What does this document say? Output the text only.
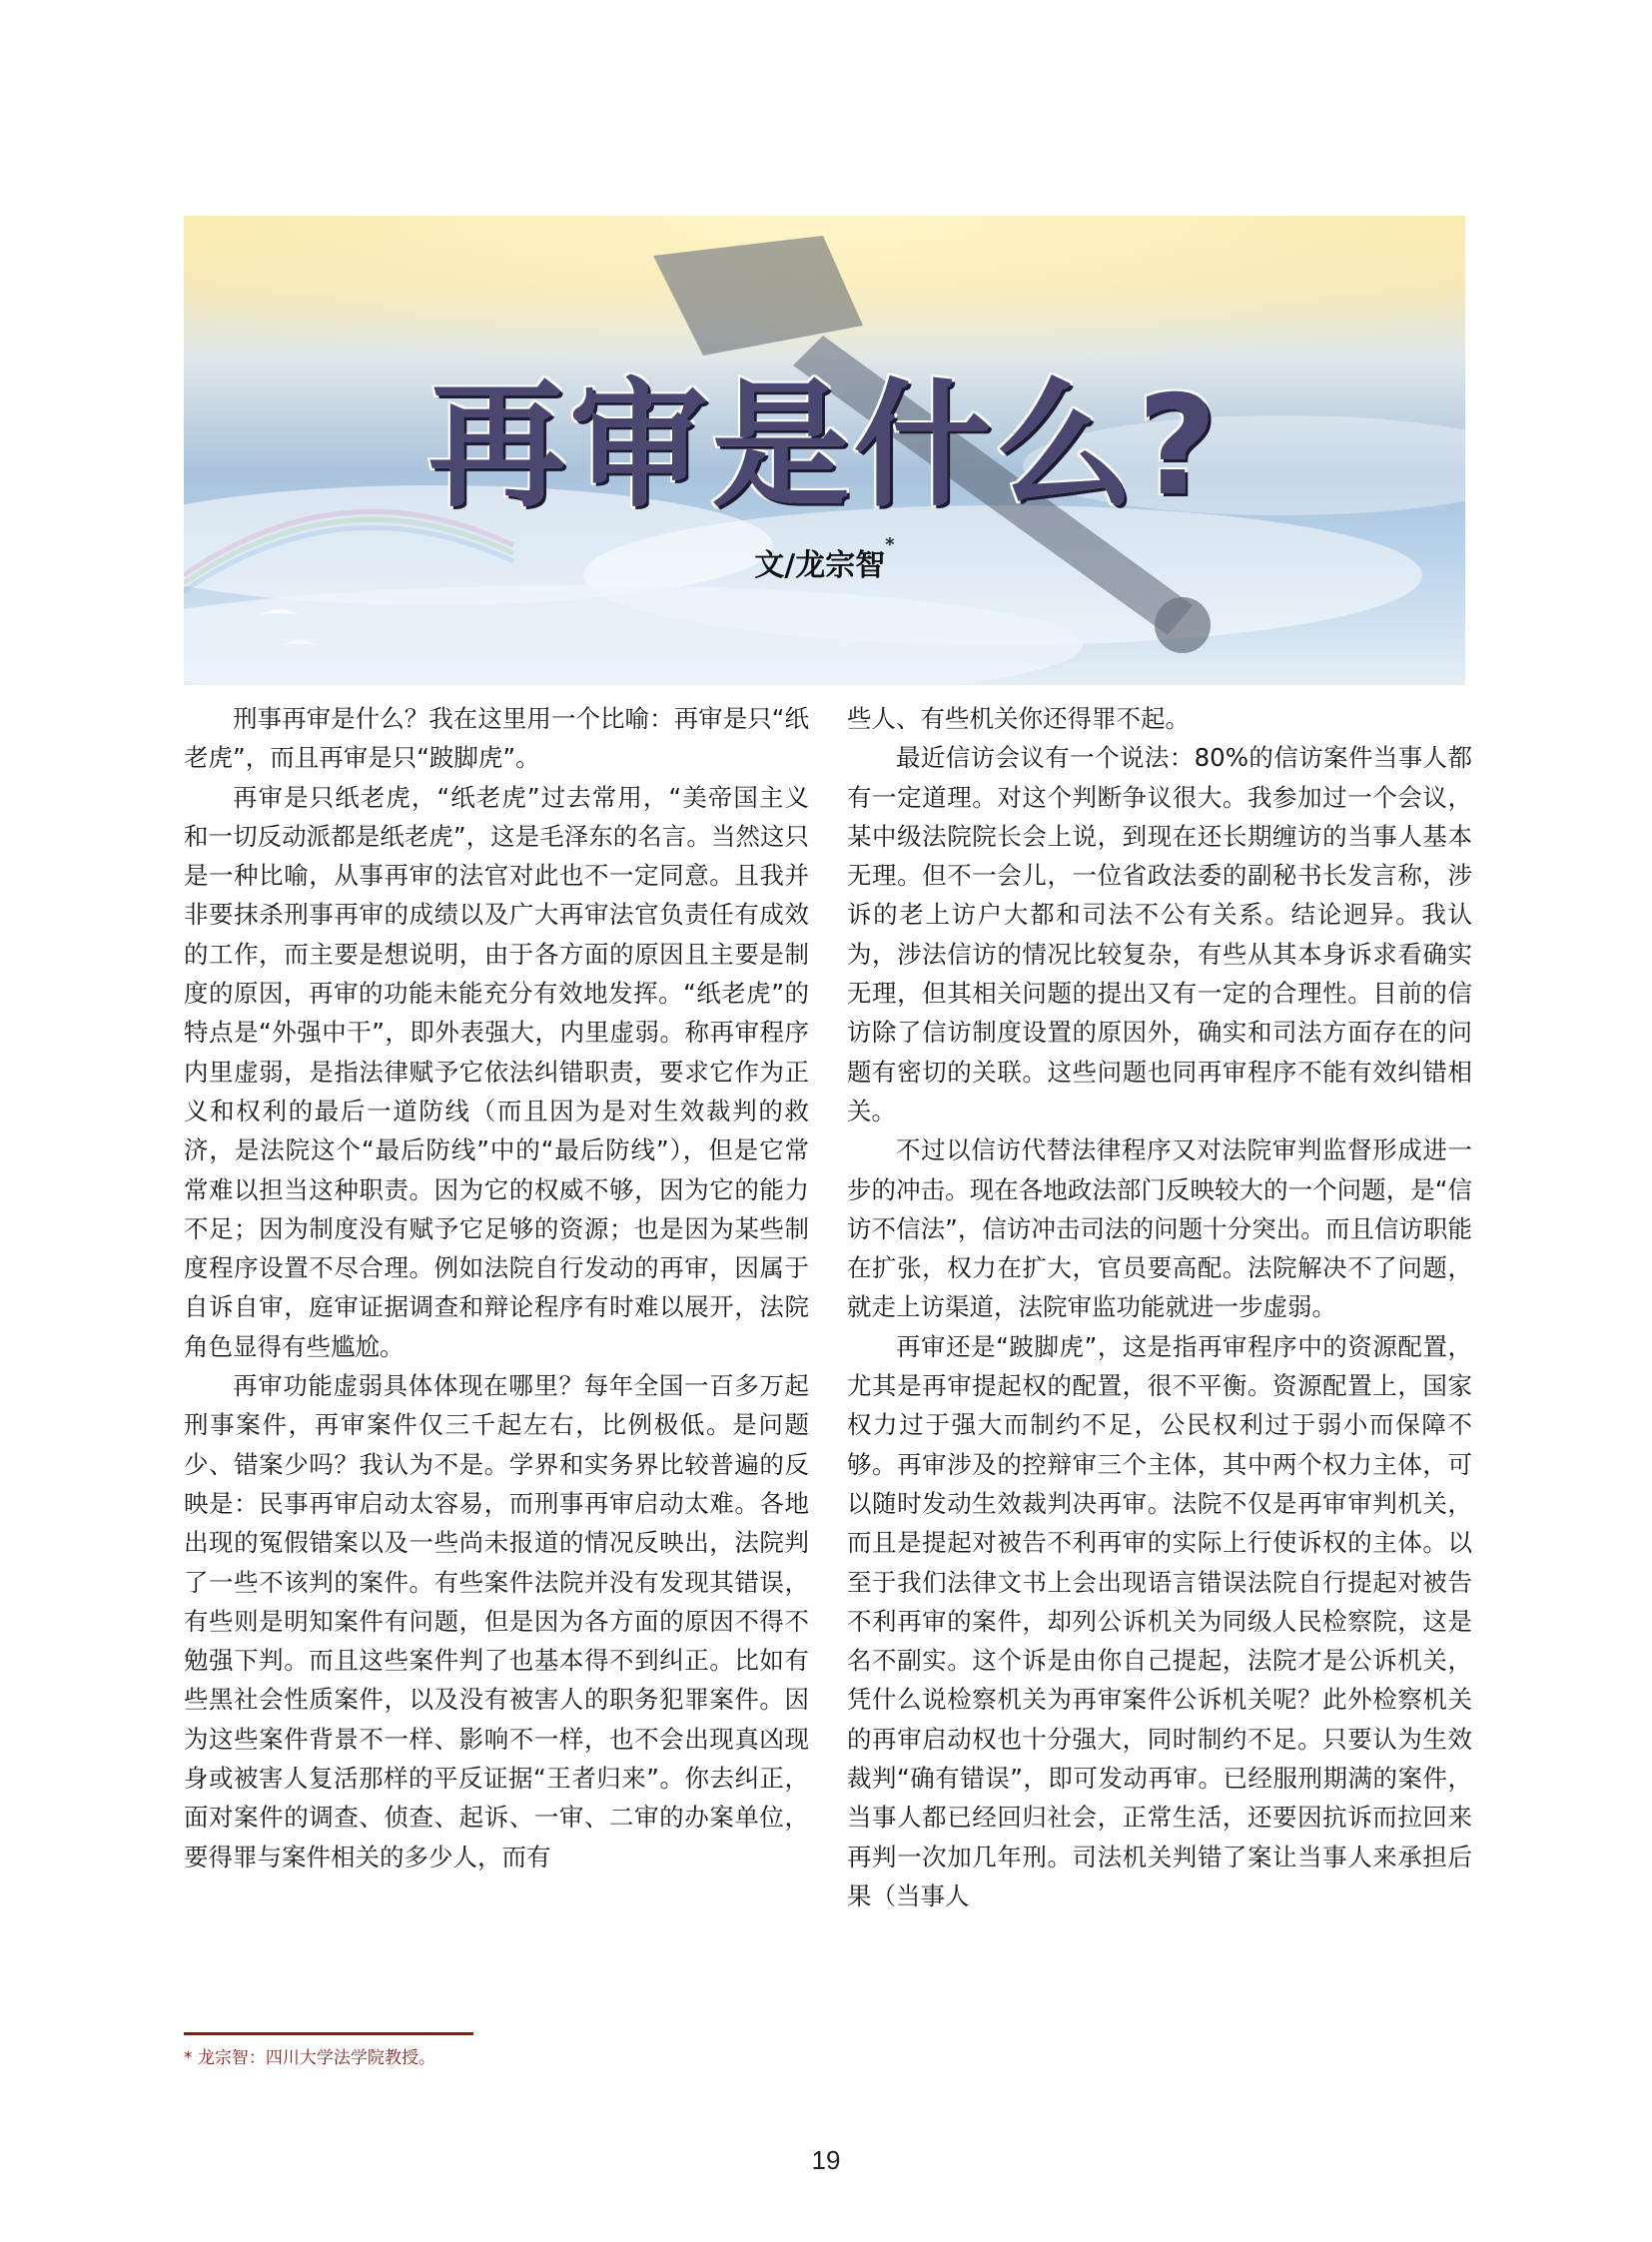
再审是什么?
文/龙宗智*

刑事再审是什么？我在这里用一个比喻：再审是只“纸老虎”，而且再审是只“跛脚虎”。

再审是只纸老虎，“纸老虎”过去常用，“美帝国主义和一切反动派都是纸老虎”，这是毛泽东的名言。当然这只是一种比喻，从事再审的法官对此也不一定同意。且我并非要抹杀刑事再审的成绩以及广大再审法官负责任有成效的工作，而主要是想说明，由于各方面的原因且主要是制度的原因，再审的功能未能充分有效地发挥。“纸老虎”的特点是“外强中干”，即外表强大，内里虚弱。称再审程序内里虚弱，是指法律赋予它依法纠错职责，要求它作为正义和权利的最后一道防线（而且因为是对生效裁判的救济，是法院这个“最后防线”中的“最后防线”），但是它常常难以担当这种职责。因为它的权威不够，因为它的能力不足；因为制度没有赋予它足够的资源；也是因为某些制度程序设置不尽合理。例如法院自行发动的再审，因属于自诉自审，庭审证据调查和辩论程序有时难以展开，法院角色显得有些尴尬。

再审功能虚弱具体体现在哪里？每年全国一百多万起刑事案件，再审案件仅三千起左右，比例极低。是问题少、错案少吗？我认为不是。学界和实务界比较普遍的反映是：民事再审启动太容易，而刑事再审启动太难。各地出现的冤假错案以及一些尚未报道的情况反映出，法院判了一些不该判的案件。有些案件法院并没有发现其错误，有些则是明知案件有问题，但是因为各方面的原因不得不勉强下判。而且这些案件判了也基本得不到纠正。比如有些黑社会性质案件，以及没有被害人的职务犯罪案件。因为这些案件背景不一样、影响不一样，也不会出现真凶现身或被害人复活那样的平反证据“王者归来”。你去纠正，面对案件的调查、侦查、起诉、一审、二审的办案单位，要得罪与案件相关的多少人，而有

些人、有些机关你还得罪不起。

最近信访会议有一个说法：80%的信访案件当事人都有一定道理。对这个判断争议很大。我参加过一个会议，某中级法院院长会上说，到现在还长期缠访的当事人基本无理。但不一会儿，一位省政法委的副秘书长发言称，涉诉的老上访户大都和司法不公有关系。结论迥异。我认为，涉法信访的情况比较复杂，有些从其本身诉求看确实无理，但其相关问题的提出又有一定的合理性。目前的信访除了信访制度设置的原因外，确实和司法方面存在的问题有密切的关联。这些问题也同再审程序不能有效纠错相关。

不过以信访代替法律程序又对法院审判监督形成进一步的冲击。现在各地政法部门反映较大的一个问题，是“信访不信法”，信访冲击司法的问题十分突出。而且信访职能在扩张，权力在扩大，官员要高配。法院解决不了问题，就走上访渠道，法院审监功能就进一步虚弱。

再审还是“跛脚虎”，这是指再审程序中的资源配置，尤其是再审提起权的配置，很不平衡。资源配置上，国家权力过于强大而制约不足，公民权利过于弱小而保障不够。再审涉及的控辩审三个主体，其中两个权力主体，可以随时发动生效裁判决再审。法院不仅是再审审判机关，而且是提起对被告不利再审的实际上行使诉权的主体。以至于我们法律文书上会出现语言错误法院自行提起对被告不利再审的案件，却列公诉机关为同级人民检察院，这是名不副实。这个诉是由你自己提起，法院才是公诉机关，凭什么说检察机关为再审案件公诉机关呢？此外检察机关的再审启动权也十分强大，同时制约不足。只要认为生效裁判“确有错误”，即可发动再审。已经服刑期满的案件，当事人都已经回归社会，正常生活，还要因抗诉而拉回来再判一次加几年刑。司法机关判错了案让当事人来承担后果（当事人

* 龙宗智：四川大学法学院教授。
19
